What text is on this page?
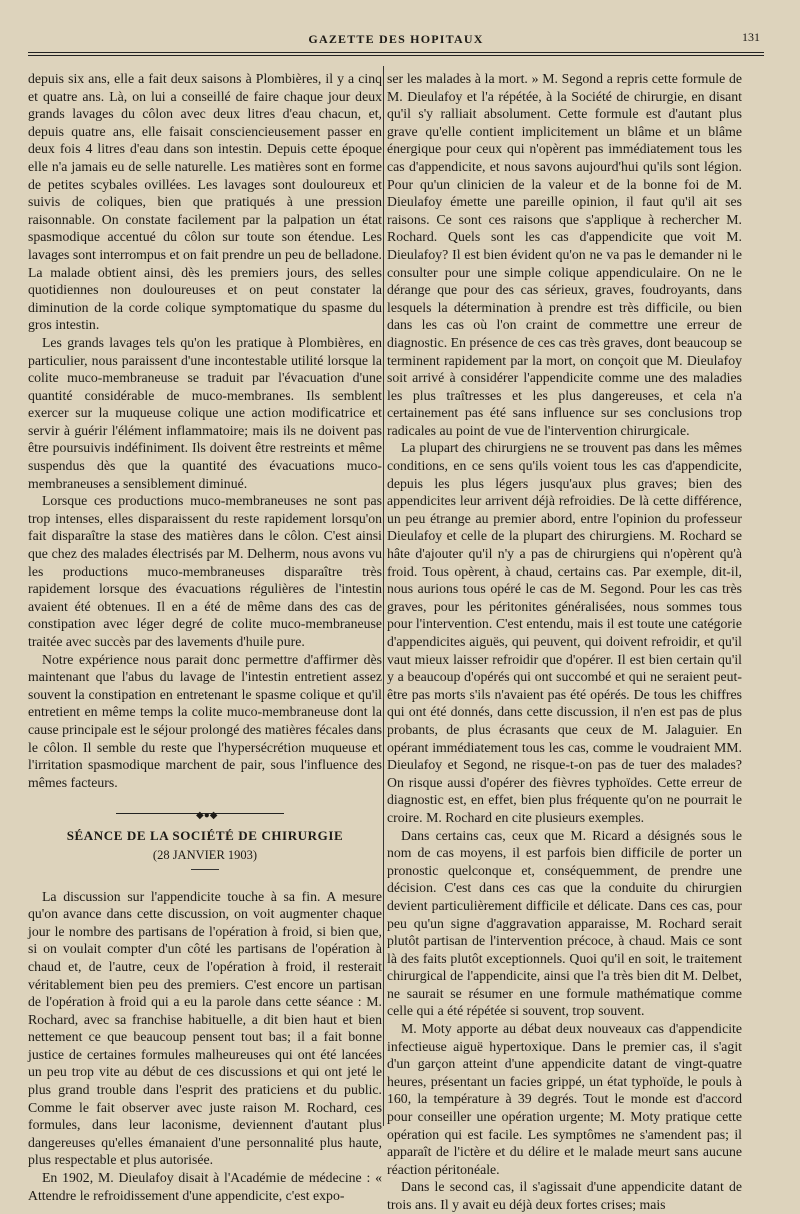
GAZETTE DES HOPITAUX	131

depuis six ans, elle a fait deux saisons à Plombières, il y a cinq et quatre ans. Là, on lui a conseillé de faire chaque jour deux grands lavages du côlon avec deux litres d'eau chacun, et, depuis quatre ans, elle faisait consciencieusement passer en deux fois 4 litres d'eau dans son intestin. Depuis cette époque elle n'a jamais eu de selle naturelle. Les matières sont en forme de petites scybales ovillées. Les lavages sont douloureux et suivis de coliques, bien que pratiqués à une pression raisonnable. On constate facilement par la palpation un état spasmodique accentué du côlon sur toute son étendue. Les lavages sont interrompus et on fait prendre un peu de belladone. La malade obtient ainsi, dès les premiers jours, des selles quotidiennes non douloureuses et on peut constater la diminution de la corde colique symptomatique du spasme du gros intestin.

Les grands lavages tels qu'on les pratique à Plombières, en particulier, nous paraissent d'une incontestable utilité lorsque la colite muco-membraneuse se traduit par l'évacuation d'une quantité considérable de muco-membranes. Ils semblent exercer sur la muqueuse colique une action modificatrice et servir à guérir l'élément inflammatoire; mais ils ne doivent pas être poursuivis indéfiniment. Ils doivent être restreints et même suspendus dès que la quantité des évacuations muco-membraneuses a sensiblement diminué.

Lorsque ces productions muco-membraneuses ne sont pas trop intenses, elles disparaissent du reste rapidement lorsqu'on fait disparaître la stase des matières dans le côlon. C'est ainsi que chez des malades électrisés par M. Delherm, nous avons vu les productions muco-membraneuses disparaître très rapidement lorsque des évacuations régulières de l'intestin avaient été obtenues. Il en a été de même dans des cas de constipation avec léger degré de colite muco-membraneuse traitée avec succès par des lavements d'huile pure.

Notre expérience nous parait donc permettre d'affirmer dès maintenant que l'abus du lavage de l'intestin entretient assez souvent la constipation en entretenant le spasme colique et qu'il entretient en même temps la colite muco-membraneuse dont la cause principale est le séjour prolongé des matières fécales dans le côlon. Il semble du reste que l'hypersécrétion muqueuse et l'irritation spasmodique marchent de pair, sous l'influence des mêmes facteurs.

◆●◆
SÉANCE DE LA SOCIÉTÉ DE CHIRURGIE
(28 JANVIER 1903)

La discussion sur l'appendicite touche à sa fin. A mesure qu'on avance dans cette discussion, on voit augmenter chaque jour le nombre des partisans de l'opération à froid, si bien que, si on voulait compter d'un côté les partisans de l'opération à chaud et, de l'autre, ceux de l'opération à froid, il resterait véritablement bien peu des premiers. C'est encore un partisan de l'opération à froid qui a eu la parole dans cette séance : M. Rochard, avec sa franchise habituelle, a dit bien haut et bien nettement ce que beaucoup pensent tout bas; il a fait bonne justice de certaines formules malheureuses qui ont été lancées un peu trop vite au début de ces discussions et qui ont jeté le plus grand trouble dans l'esprit des praticiens et du public. Comme le fait observer avec juste raison M. Rochard, ces formules, dans leur laconisme, deviennent d'autant plus dangereuses qu'elles émanaient d'une personnalité plus haute, plus respectable et plus autorisée.

En 1902, M. Dieulafoy disait à l'Académie de médecine : « Attendre le refroidissement d'une appendicite, c'est expo-

ser les malades à la mort. » M. Segond a repris cette formule de M. Dieulafoy et l'a répétée, à la Société de chirurgie, en disant qu'il s'y ralliait absolument. Cette formule est d'autant plus grave qu'elle contient implicitement un blâme et un blâme énergique pour ceux qui n'opèrent pas immédiatement tous les cas d'appendicite, et nous savons aujourd'hui qu'ils sont légion. Pour qu'un clinicien de la valeur et de la bonne foi de M. Dieulafoy émette une pareille opinion, il faut qu'il ait ses raisons. Ce sont ces raisons que s'applique à rechercher M. Rochard. Quels sont les cas d'appendicite que voit M. Dieulafoy? Il est bien évident qu'on ne va pas le demander ni le consulter pour une simple colique appendiculaire. On ne le dérange que pour des cas sérieux, graves, foudroyants, dans lesquels la détermination à prendre est très difficile, ou bien dans les cas où l'on craint de commettre une erreur de diagnostic. En présence de ces cas très graves, dont beaucoup se terminent rapidement par la mort, on conçoit que M. Dieulafoy soit arrivé à considérer l'appendicite comme une des maladies les plus traîtresses et les plus dangereuses, et cela n'a certainement pas été sans influence sur ses conclusions trop radicales au point de vue de l'intervention chirurgicale.

La plupart des chirurgiens ne se trouvent pas dans les mêmes conditions, en ce sens qu'ils voient tous les cas d'appendicite, depuis les plus légers jusqu'aux plus graves; bien des appendicites leur arrivent déjà refroidies. De là cette différence, un peu étrange au premier abord, entre l'opinion du professeur Dieulafoy et celle de la plupart des chirurgiens. M. Rochard se hâte d'ajouter qu'il n'y a pas de chirurgiens qui n'opèrent qu'à froid. Tous opèrent, à chaud, certains cas. Par exemple, dit-il, nous aurions tous opéré le cas de M. Segond. Pour les cas très graves, pour les péritonites généralisées, nous sommes tous pour l'intervention. C'est entendu, mais il est toute une catégorie d'appendicites aiguës, qui peuvent, qui doivent refroidir, et qu'il vaut mieux laisser refroidir que d'opérer. Il est bien certain qu'il y a beaucoup d'opérés qui ont succombé et qui ne seraient peut-être pas morts s'ils n'avaient pas été opérés. De tous les chiffres qui ont été donnés, dans cette discussion, il n'en est pas de plus probants, de plus écrasants que ceux de M. Jalaguier. En opérant immédiatement tous les cas, comme le voudraient MM. Dieulafoy et Segond, ne risque-t-on pas de tuer des malades? On risque aussi d'opérer des fièvres typhoïdes. Cette erreur de diagnostic est, en effet, bien plus fréquente qu'on ne pourrait le croire. M. Rochard en cite plusieurs exemples.

Dans certains cas, ceux que M. Ricard a désignés sous le nom de cas moyens, il est parfois bien difficile de porter un pronostic quelconque et, conséquemment, de prendre une décision. C'est dans ces cas que la conduite du chirurgien devient particulièrement difficile et délicate. Dans ces cas, pour peu qu'un signe d'aggravation apparaisse, M. Rochard serait plutôt partisan de l'intervention précoce, à chaud. Mais ce sont là des faits plutôt exceptionnels. Quoi qu'il en soit, le traitement chirurgical de l'appendicite, ainsi que l'a très bien dit M. Delbet, ne saurait se résumer en une formule mathématique comme celle qui a été répétée si souvent, trop souvent.

M. Moty apporte au débat deux nouveaux cas d'appendicite infectieuse aiguë hypertoxique. Dans le premier cas, il s'agit d'un garçon atteint d'une appendicite datant de vingt-quatre heures, présentant un facies grippé, un état typhoïde, le pouls à 160, la température à 39 degrés. Tout le monde est d'accord pour conseiller une opération urgente; M. Moty pratique cette opération qui est facile. Les symptômes ne s'amendent pas; il apparaît de l'ictère et du délire et le malade meurt sans aucune réaction péritonéale.

Dans le second cas, il s'agissait d'une appendicite datant de trois ans. Il y avait eu déjà deux fortes crises; mais
